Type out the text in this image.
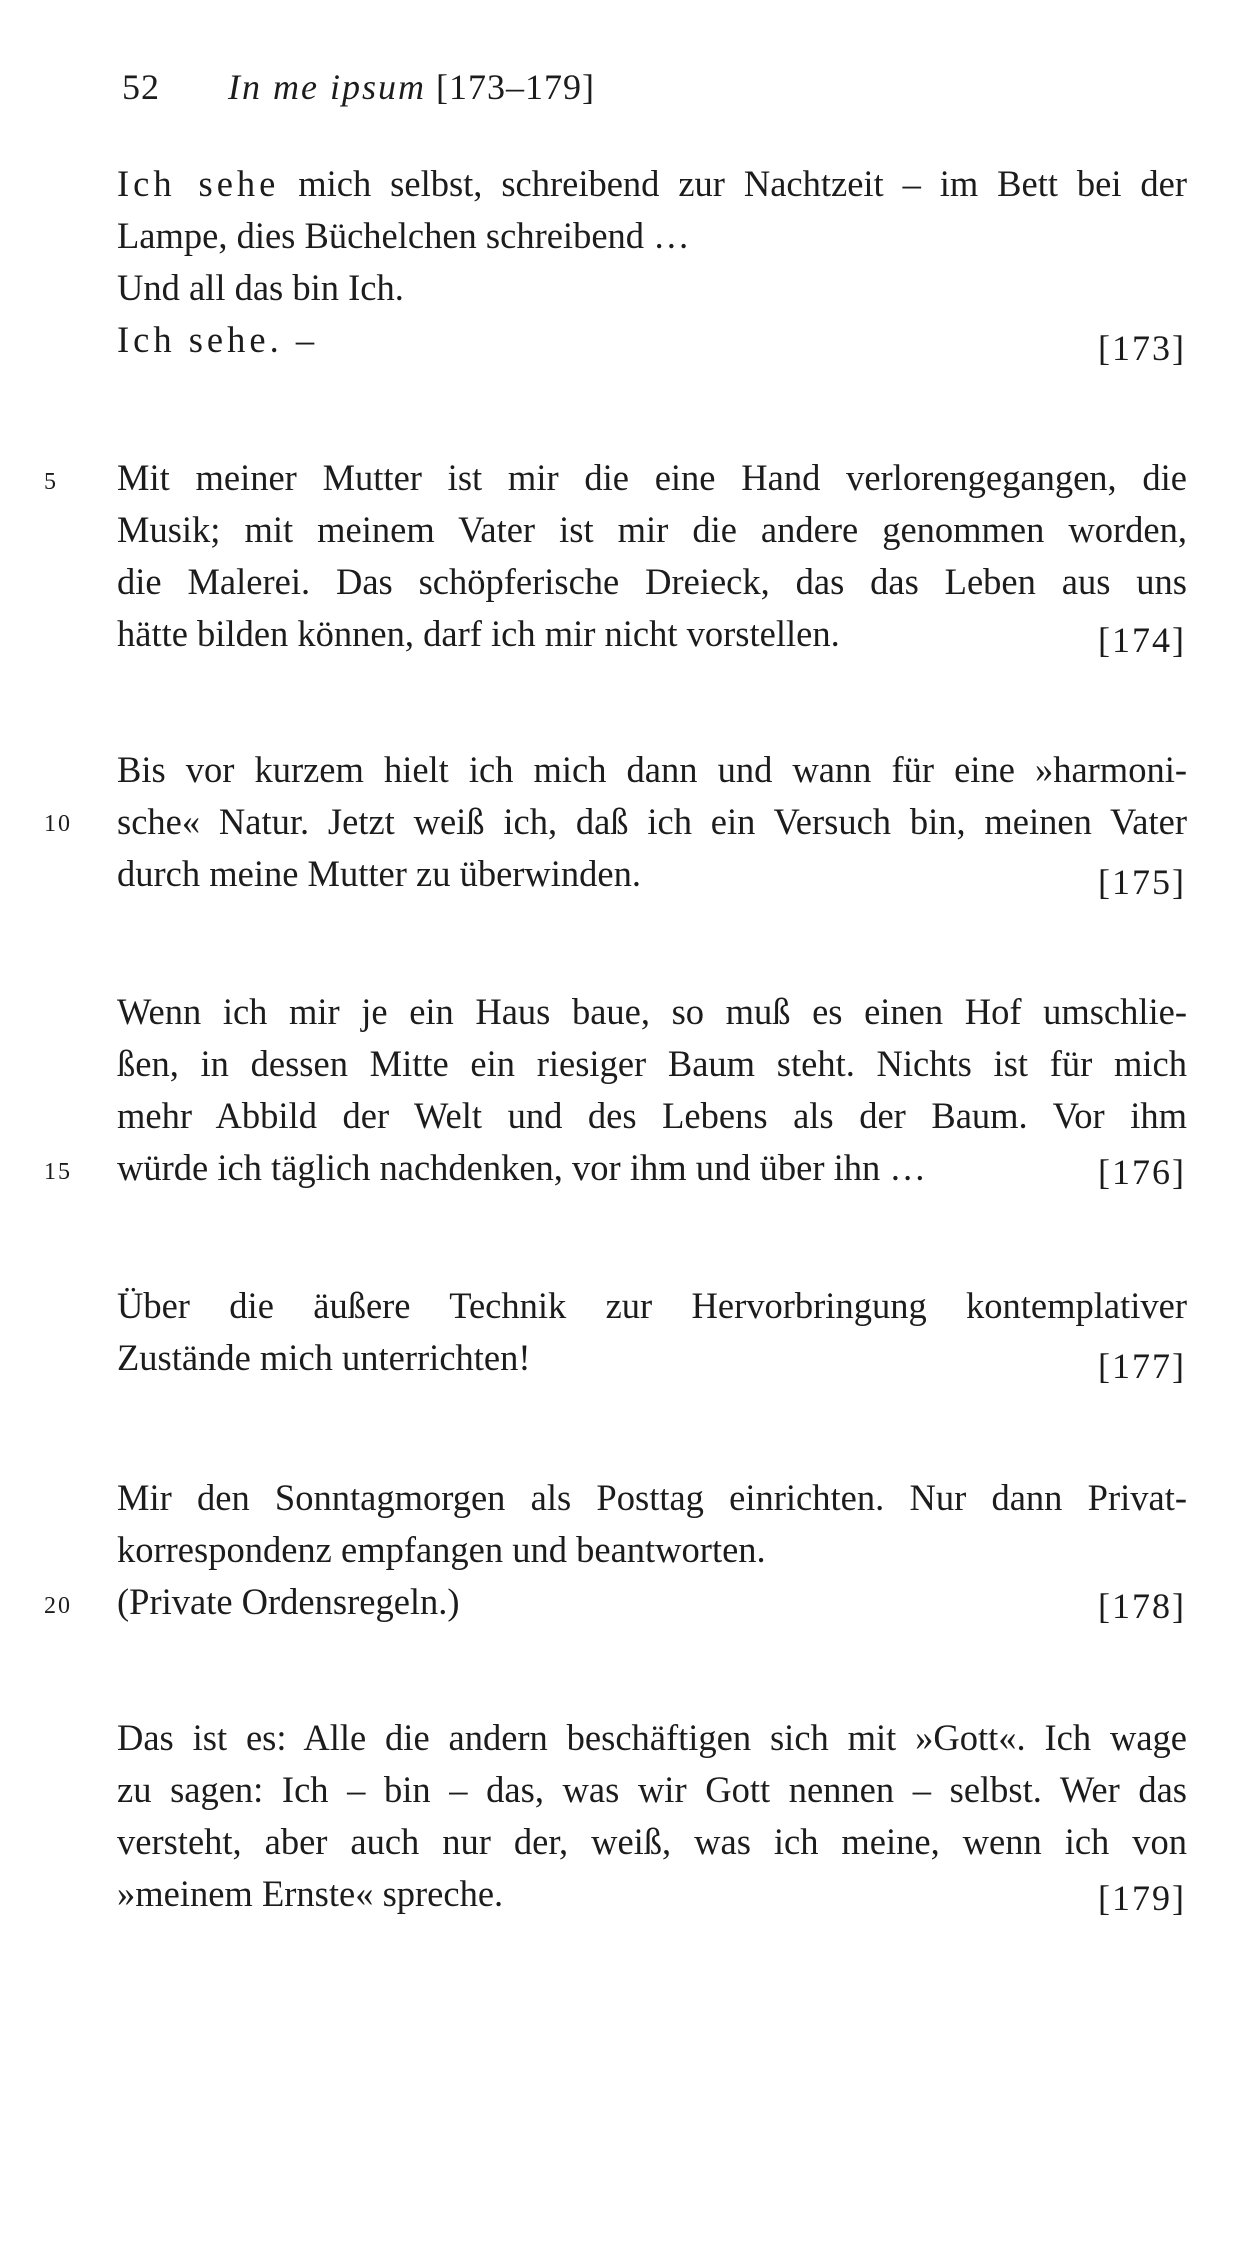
52 In me ipsum [173–179]
Ich sehe mich selbst, schreibend zur Nachtzeit – im Bett bei der
Lampe, dies Büchelchen schreibend …
Und all das bin Ich.
Ich sehe. –	[173]
5 Mit meiner Mutter ist mir die eine Hand verlorengegangen, die
Musik; mit meinem Vater ist mir die andere genommen worden,
die Malerei. Das schöpferische Dreieck, das das Leben aus uns
hätte bilden können, darf ich mir nicht vorstellen.	[174]
Bis vor kurzem hielt ich mich dann und wann für eine »harmoni-
10 sche« Natur. Jetzt weiß ich, daß ich ein Versuch bin, meinen Vater
durch meine Mutter zu überwinden.	[175]
Wenn ich mir je ein Haus baue, so muß es einen Hof umschlie-
ßen, in dessen Mitte ein riesiger Baum steht. Nichts ist für mich
mehr Abbild der Welt und des Lebens als der Baum. Vor ihm
15 würde ich täglich nachdenken, vor ihm und über ihn …	[176]
Über die äußere Technik zur Hervorbringung kontemplativer
Zustände mich unterrichten!	[177]
Mir den Sonntagmorgen als Posttag einrichten. Nur dann Privat-
korrespondenz empfangen und beantworten.
20 (Private Ordensregeln.)	[178]
Das ist es: Alle die andern beschäftigen sich mit »Gott«. Ich wage
zu sagen: Ich – bin – das, was wir Gott nennen – selbst. Wer das
versteht, aber auch nur der, weiß, was ich meine, wenn ich von
»meinem Ernste« spreche.	[179]
